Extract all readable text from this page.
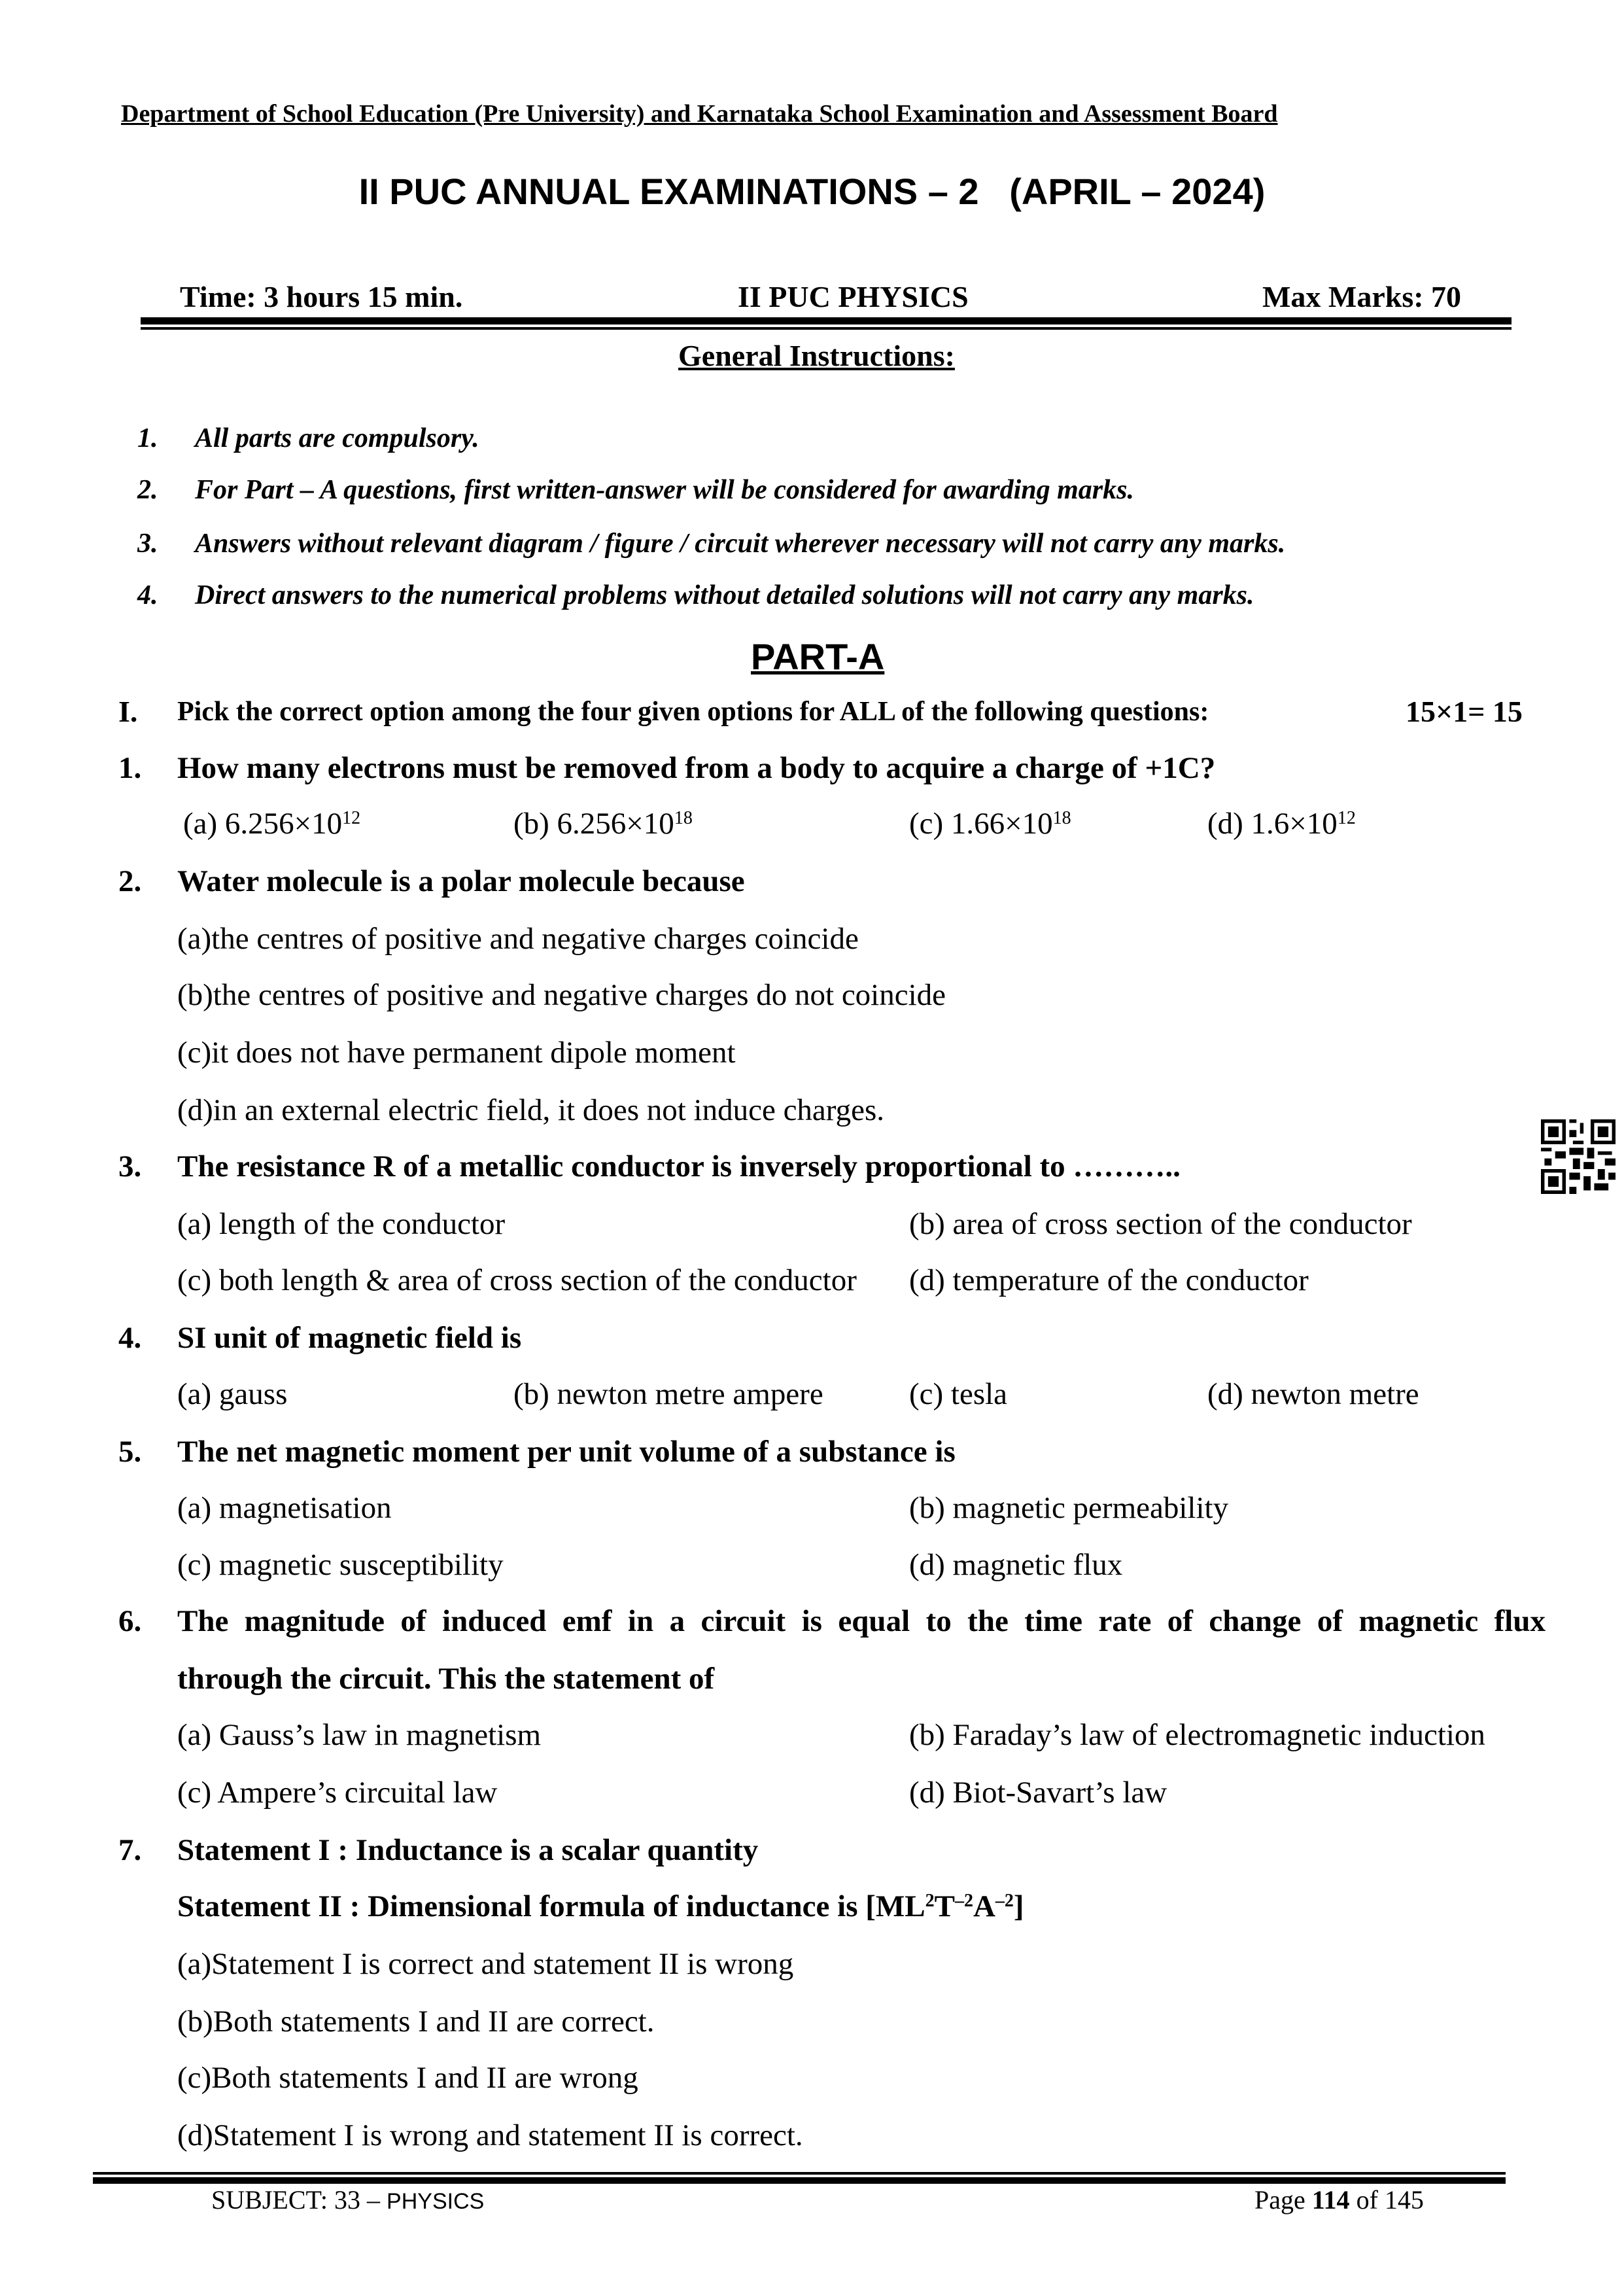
Department of School Education (Pre University) and Karnataka School Examination and Assessment Board
II PUC ANNUAL EXAMINATIONS – 2   (APRIL – 2024)
Time: 3 hours 15 min.	II PUC PHYSICS	Max Marks: 70
General Instructions:
1. All parts are compulsory.
2. For Part – A questions, first written-answer will be considered for awarding marks.
3. Answers without relevant diagram / figure / circuit wherever necessary will not carry any marks.
4. Direct answers to the numerical problems without detailed solutions will not carry any marks.
PART-A
I. Pick the correct option among the four given options for ALL of the following questions:	15×1= 15
1. How many electrons must be removed from a body to acquire a charge of +1C?
(a) $6.256\times 10^{12}$	(b) $6.256\times 10^{18}$	(c) $1.66\times 10^{18}$	(d) $1.6\times 10^{12}$
2. Water molecule is a polar molecule because
(a)the centres of positive and negative charges coincide
(b)the centres of positive and negative charges do not coincide
(c)it does not have permanent dipole moment
(d)in an external electric field, it does not induce charges.
3. The resistance R of a metallic conductor is inversely proportional to ………..
(a) length of the conductor	(b) area of cross section of the conductor
(c) both length & area of cross section of the conductor (d) temperature of the conductor
4. SI unit of magnetic field is
(a) gauss	(b) newton metre ampere	(c) tesla	(d) newton metre
5. The net magnetic moment per unit volume of a substance is
(a) magnetisation	(b) magnetic permeability
(c) magnetic susceptibility	(d) magnetic flux
6. The magnitude of induced emf in a circuit is equal to the time rate of change of magnetic flux
through the circuit. This the statement of
(a) Gauss’s law in magnetism	(b) Faraday’s law of electromagnetic induction
(c) Ampere’s circuital law	(d) Biot-Savart’s law
7. Statement I : Inductance is a scalar quantity
Statement II : Dimensional formula of inductance is $[ML^2T^{-2}A^{-2}]$
(a)Statement I is correct and statement II is wrong
(b)Both statements I and II are correct.
(c)Both statements I and II are wrong
(d)Statement I is wrong and statement II is correct.
SUBJECT: 33 – PHYSICS	Page 114 of 145
